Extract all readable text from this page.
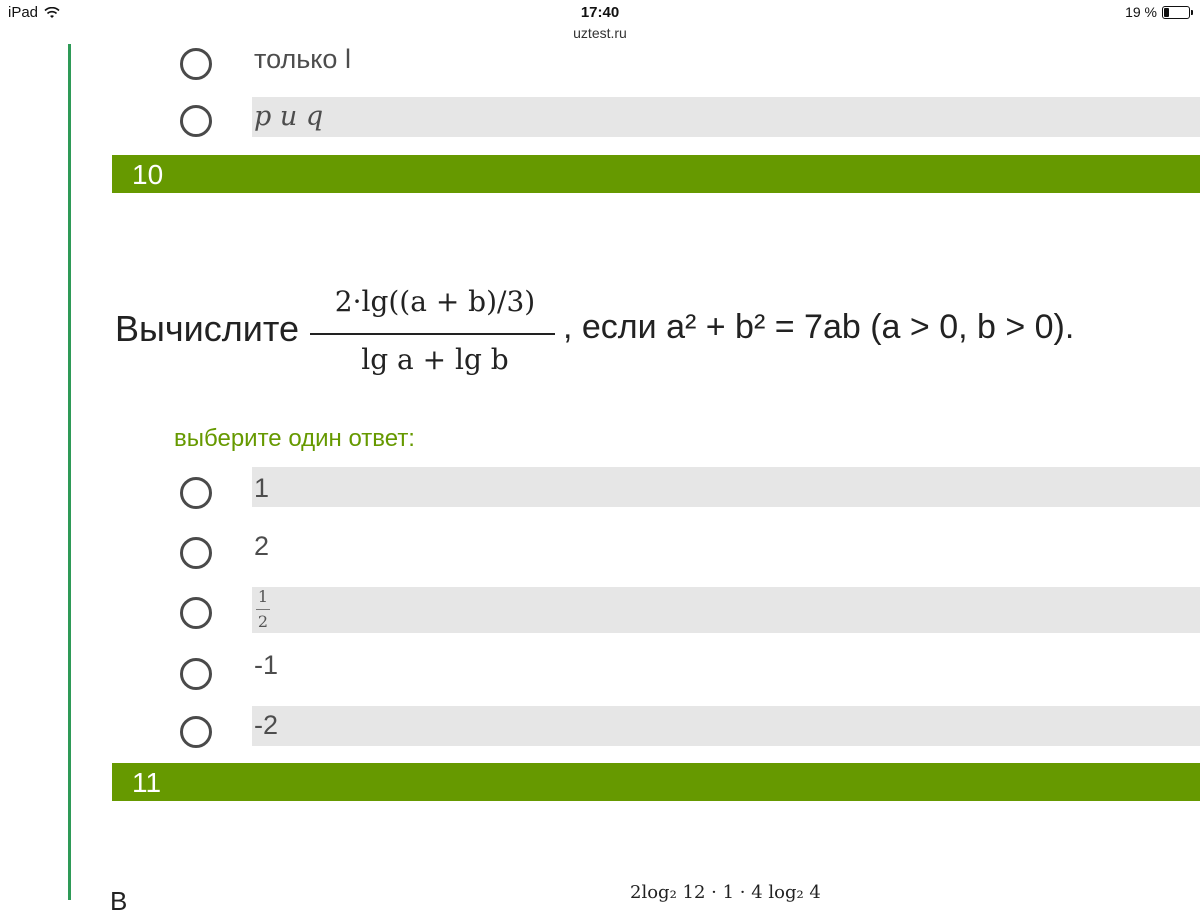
iPad	17:40
uztest.ru
19 %
только l
p и q
10
Вычислите
2·lg((a + b)/3)
lg a + lg b
, если a² + b² = 7ab (a > 0, b > 0).
выберите один ответ:
1
2
1
2
-1
-2
11
В	2log₂ 12 · 1 · 4 log₂ 4
